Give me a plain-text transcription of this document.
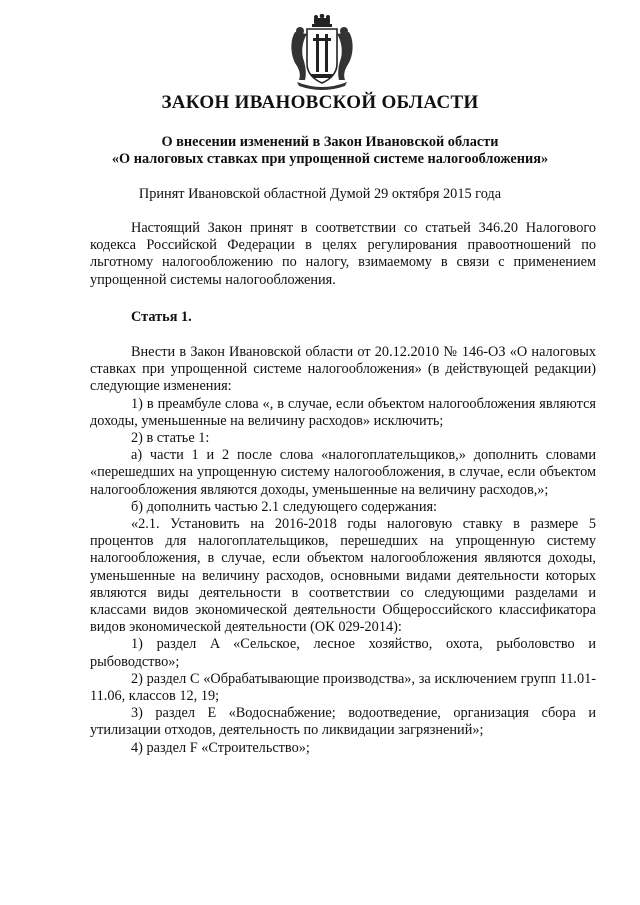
ЗАКОН ИВАНОВСКОЙ ОБЛАСТИ
О внесении изменений в Закон Ивановской области
«О налоговых ставках при упрощенной системе налогообложения»
Принят Ивановской областной Думой 29 октября 2015 года
Настоящий Закон принят в соответствии со статьей 346.20 Налогового кодекса Российской Федерации в целях регулирования правоотношений по льготному налогообложению по налогу, взимаемому в связи с применением упрощенной системы налогообложения.
Статья 1.
Внести в Закон Ивановской области от 20.12.2010 № 146-ОЗ «О налоговых ставках при упрощенной системе налогообложения» (в действующей редакции) следующие изменения:
1) в преамбуле слова «, в случае, если объектом налогообложения являются доходы, уменьшенные на величину расходов» исключить;
2) в статье 1:
а) части 1 и 2 после слова «налогоплательщиков,» дополнить словами «перешедших на упрощенную систему налогообложения, в случае, если объектом налогообложения являются доходы, уменьшенные на величину расходов,»;
б) дополнить частью 2.1 следующего содержания:
«2.1. Установить на 2016-2018 годы налоговую ставку в размере 5 процентов для налогоплательщиков, перешедших на упрощенную систему налогообложения, в случае, если объектом налогообложения являются доходы, уменьшенные на величину расходов, основными видами деятельности которых являются виды деятельности в соответствии со следующими разделами и классами видов экономической деятельности Общероссийского классификатора видов экономической деятельности (ОК 029-2014):
1) раздел A «Сельское, лесное хозяйство, охота, рыболовство и рыбоводство»;
2) раздел C «Обрабатывающие производства», за исключением групп 11.01-11.06, классов 12, 19;
3) раздел E «Водоснабжение; водоотведение, организация сбора и утилизации отходов, деятельность по ликвидации загрязнений»;
4) раздел F «Строительство»;
